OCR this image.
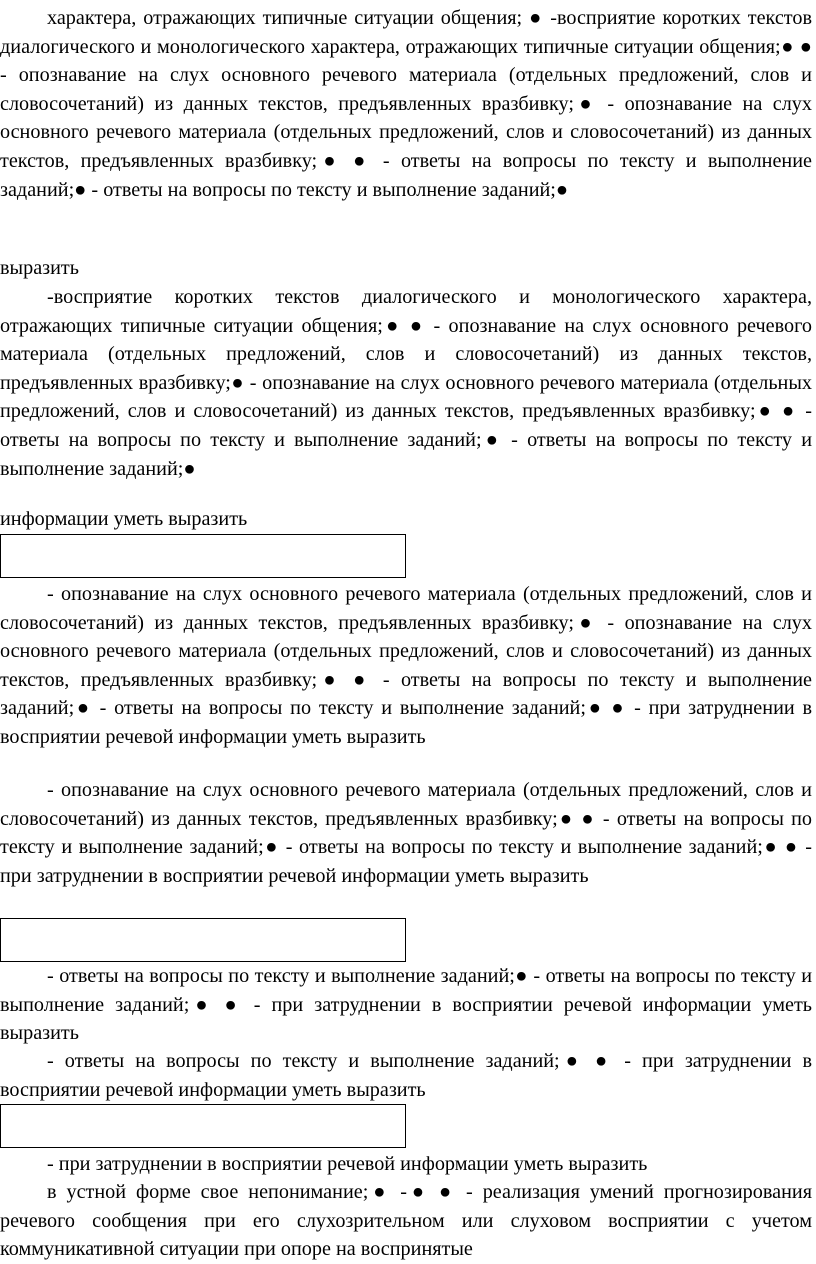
характера, отражающих типичные ситуации общения; ● -восприятие коротких текстов диалогического и монологического характера, отражающих типичные ситуации общения;● ● - опознавание на слух основного речевого материала (отдельных предложений, слов и словосочетаний) из данных текстов, предъявленных вразбивку;● - опознавание на слух основного речевого материала (отдельных предложений, слов и словосочетаний) из данных текстов, предъявленных вразбивку;● ● - ответы на вопросы по тексту и выполнение заданий;● - ответы на вопросы по тексту и выполнение заданий;●

выразить

-восприятие коротких текстов диалогического и монологического характера, отражающих типичные ситуации общения;● ● - опознавание на слух основного речевого материала (отдельных предложений, слов и словосочетаний) из данных текстов, предъявленных вразбивку;● - опознавание на слух основного речевого материала (отдельных предложений, слов и словосочетаний) из данных текстов, предъявленных вразбивку;● ● - ответы на вопросы по тексту и выполнение заданий;● - ответы на вопросы по тексту и выполнение заданий;●

информации уметь выразить

- опознавание на слух основного речевого материала (отдельных предложений, слов и словосочетаний) из данных текстов, предъявленных вразбивку;● - опознавание на слух основного речевого материала (отдельных предложений, слов и словосочетаний) из данных текстов, предъявленных вразбивку;● ● - ответы на вопросы по тексту и выполнение заданий;● - ответы на вопросы по тексту и выполнение заданий;● ● - при затруднении в восприятии речевой информации уметь выразить

- опознавание на слух основного речевого материала (отдельных предложений, слов и словосочетаний) из данных текстов, предъявленных вразбивку;● ● - ответы на вопросы по тексту и выполнение заданий;● - ответы на вопросы по тексту и выполнение заданий;● ● - при затруднении в восприятии речевой информации уметь выразить

- ответы на вопросы по тексту и выполнение заданий;● - ответы на вопросы по тексту и выполнение заданий;● ● - при затруднении в восприятии речевой информации уметь выразить

- ответы на вопросы по тексту и выполнение заданий;● ● - при затруднении в восприятии речевой информации уметь выразить

- при затруднении в восприятии речевой информации уметь выразить

в устной форме свое непонимание;● -● ● - реализация умений прогнозирования речевого сообщения при его слухозрительном или слуховом восприятии с учетом коммуникативной ситуации при опоре на воспринятые
